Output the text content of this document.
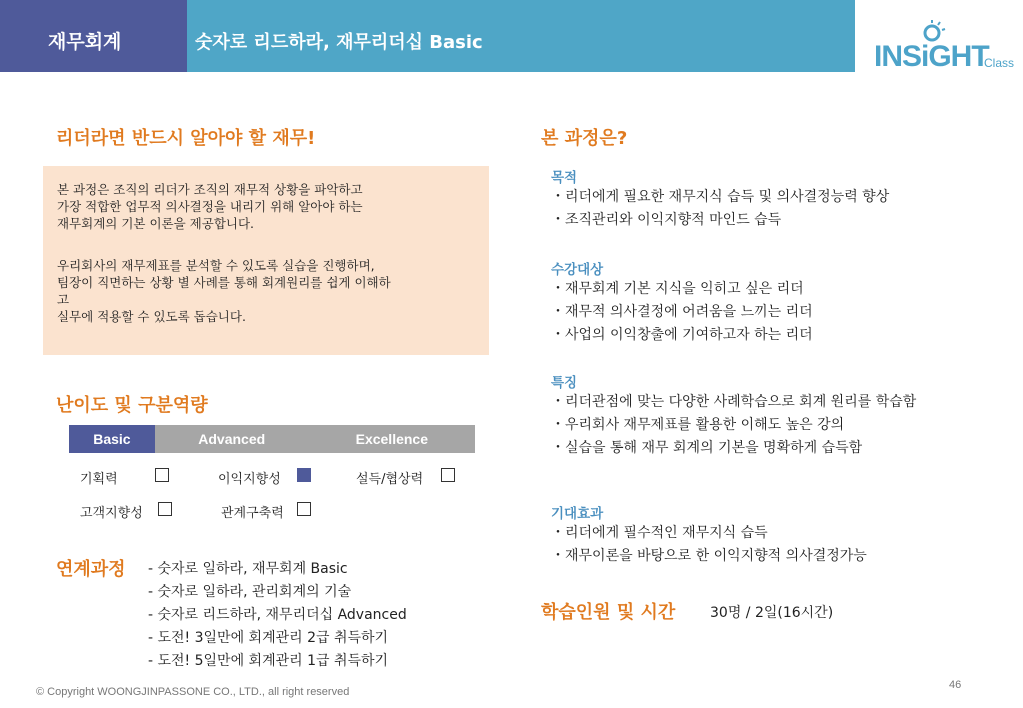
재무회계	숫자로 리드하라, 재무리더십 Basic	INSiGHT
Class
리더라면 반드시 알아야 할 재무!

본 과정은 조직의 리더가 조직의 재무적 상황을 파악하고
가장 적합한 업무적 의사결정을 내리기 위해 알아야 하는
재무회계의 기본 이론을 제공합니다.

우리회사의 재무제표를 분석할 수 있도록 실습을 진행하며,
팀장이 직면하는 상황 별 사례를 통해 회계원리를 쉽게 이해하
고
실무에 적용할 수 있도록 돕습니다.

난이도 및 구분역량
Basic	Advanced	Excellence
기획력	이익지향성	설득/협상력
고객지향성	관계구축력
연계과정 - 숫자로 일하라, 재무회계 Basic
- 숫자로 일하라, 관리회계의 기술
- 숫자로 리드하라, 재무리더십 Advanced
- 도전! 3일만에 회계관리 2급 취득하기
- 도전! 5일만에 회계관리 1급 취득하기
본 과정은?
목적
・리더에게 필요한 재무지식 습득 및 의사결정능력 향상
・조직관리와 이익지향적 마인드 습득
수강대상
・재무회계 기본 지식을 익히고 싶은 리더
・재무적 의사결정에 어려움을 느끼는 리더
・사업의 이익창출에 기여하고자 하는 리더
특징
・리더관점에 맞는 다양한 사례학습으로 회계 원리를 학습함
・우리회사 재무제표를 활용한 이해도 높은 강의
・실습을 통해 재무 회계의 기본을 명확하게 습득함
기대효과
・리더에게 필수적인 재무지식 습득
・재무이론을 바탕으로 한 이익지향적 의사결정가능
학습인원 및 시간 30명 / 2일(16시간)
© Copyright WOONGJINPASSONE CO., LTD., all right reserved
46
